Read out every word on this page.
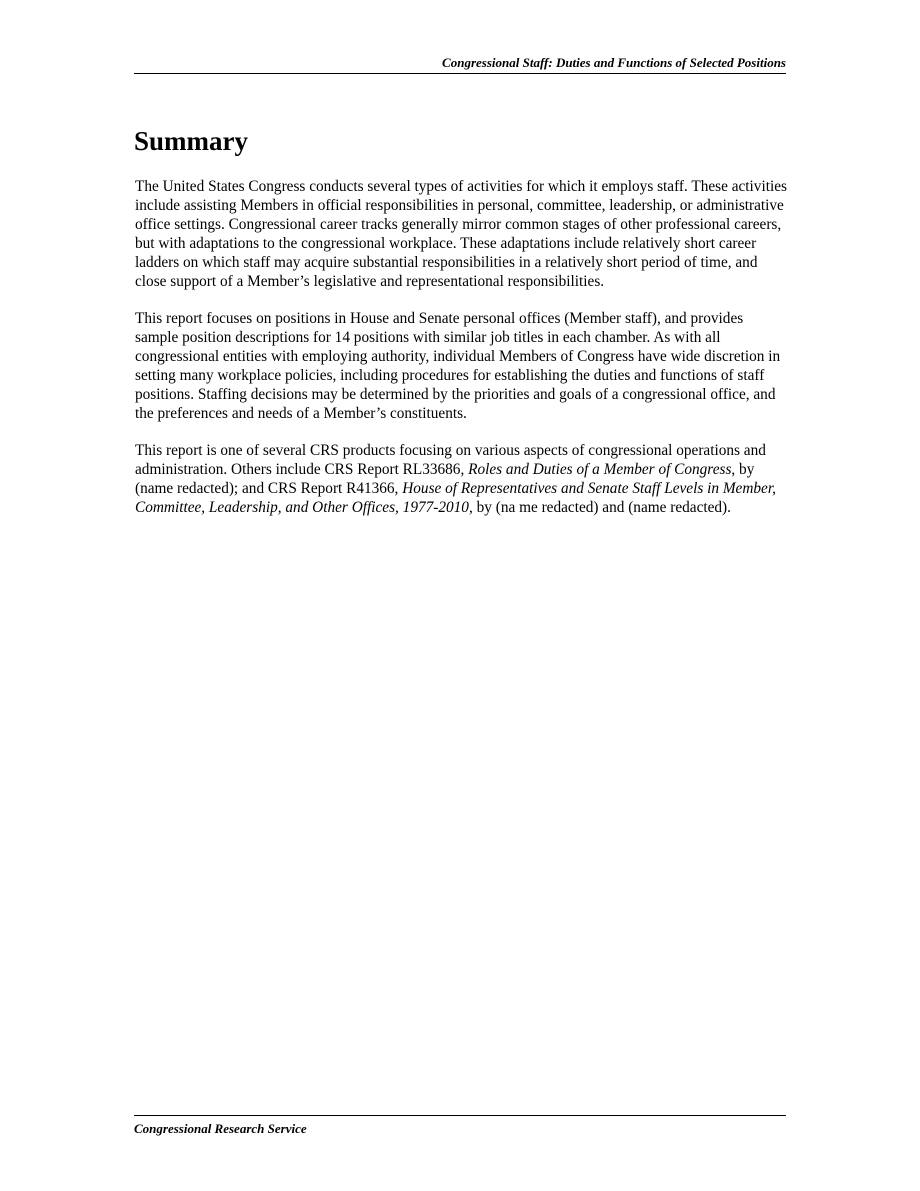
Congressional Staff: Duties and Functions of Selected Positions
Summary

The United States Congress conducts several types of activities for which it employs staff. These activities include assisting Members in official responsibilities in personal, committee, leadership, or administrative office settings. Congressional career tracks generally mirror common stages of other professional careers, but with adaptations to the congressional workplace. These adaptations include relatively short career ladders on which staff may acquire substantial responsibilities in a relatively short period of time, and close support of a Member’s legislative and representational responsibilities.

This report focuses on positions in House and Senate personal offices (Member staff), and provides sample position descriptions for 14 positions with similar job titles in each chamber. As with all congressional entities with employing authority, individual Members of Congress have wide discretion in setting many workplace policies, including procedures for establishing the duties and functions of staff positions. Staffing decisions may be determined by the priorities and goals of a congressional office, and the preferences and needs of a Member’s constituents.

This report is one of several CRS products focusing on various aspects of congressional operations and administration. Others include CRS Report RL33686, Roles and Duties of a Member of Congress, by (name redacted); and CRS Report R41366, House of Representatives and Senate Staff Levels in Member, Committee, Leadership, and Other Offices, 1977-2010, by (na me redacted) and (name redacted).

Congressional Research Service
